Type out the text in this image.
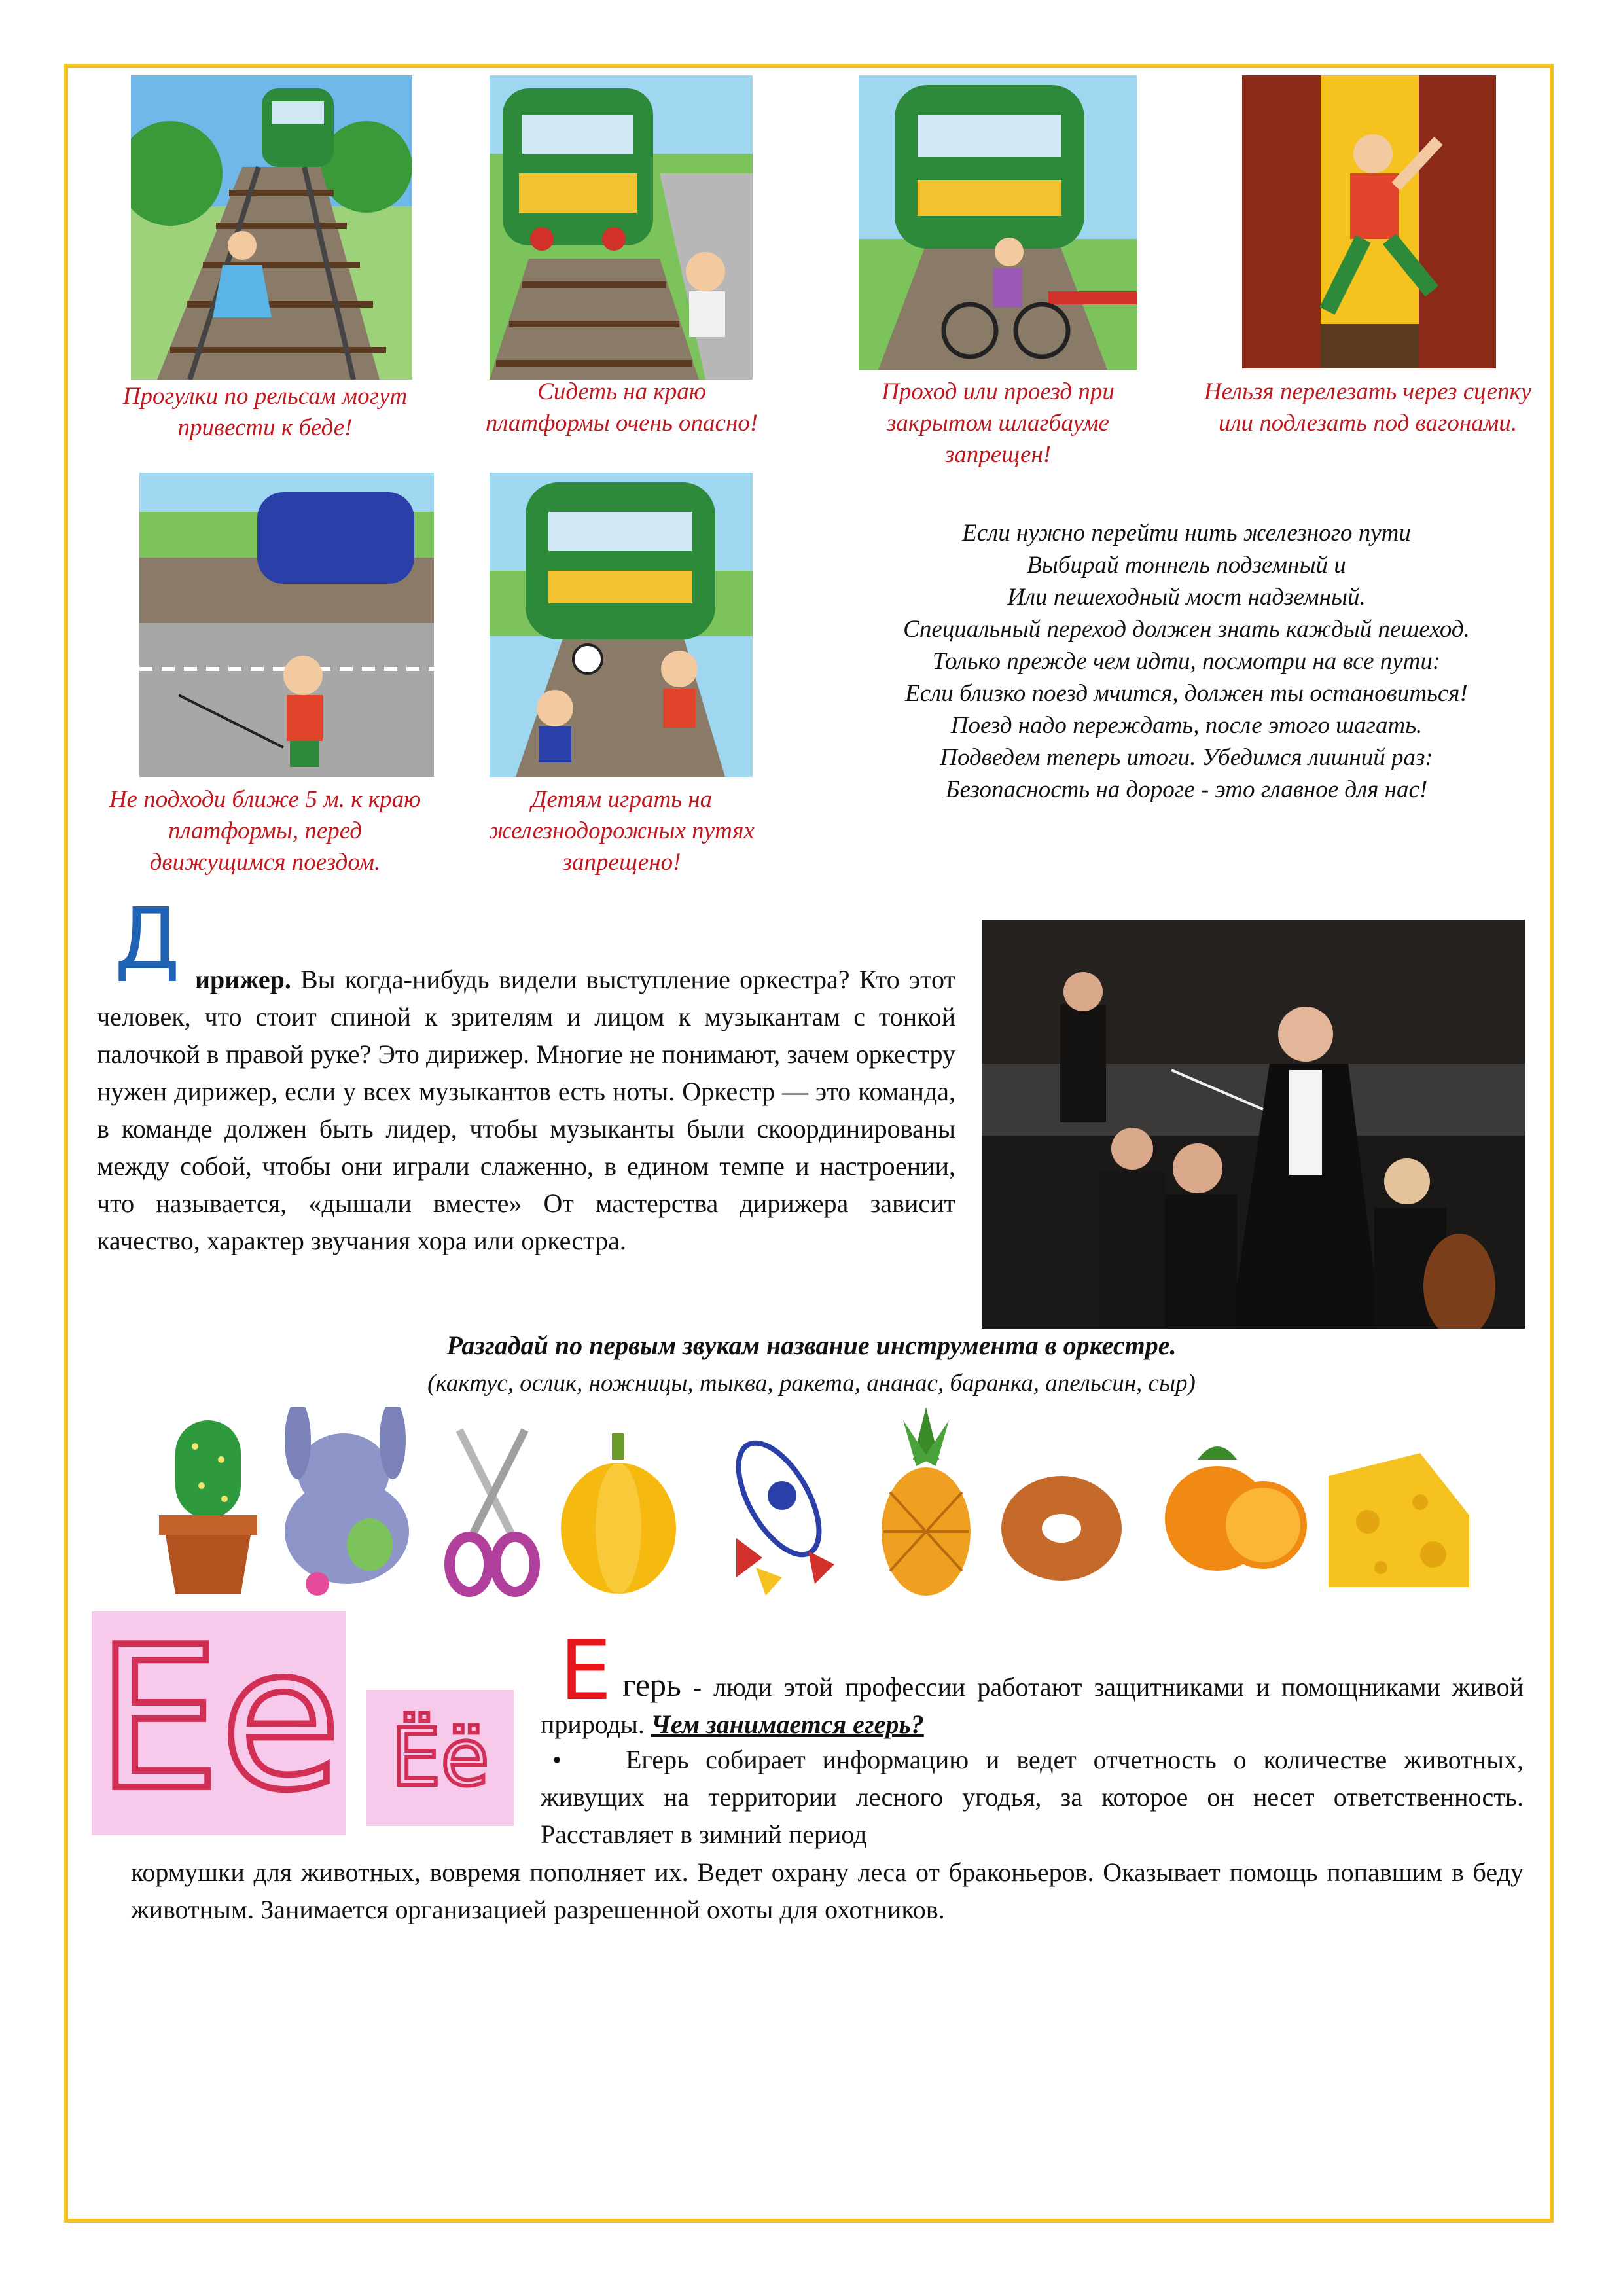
Прогулки по рельсам могут привести к беде!
Сидеть на краю платформы очень опасно!
Проход или проезд при закрытом шлагбауме запрещен!
Нельзя перелезать через сцепку или подлезать под вагонами.
Не подходи ближе 5 м. к краю платформы, перед движущимся поездом.
Детям играть на железнодорожных путях запрещено!
Если нужно перейти нить железного пути
Выбирай тоннель подземный и
Или пешеходный мост надземный.
Специальный переход должен знать каждый пешеход.
Только прежде чем идти, посмотри на все пути:
Если близко поезд мчится, должен ты остановиться!
Поезд надо переждать, после этого шагать.
Подведем теперь итоги. Убедимся лишний раз:
Безопасность на дороге - это главное для нас!
Д ирижер. Вы когда-нибудь видели выступление оркестра? Кто этот человек, что стоит спиной к зрителям и лицом к музыкантам с тонкой палочкой в правой руке? Это дирижер. Многие не понимают, зачем оркестру нужен дирижер, если у всех музыкантов есть ноты. Оркестр — это команда, в команде должен быть лидер, чтобы музыканты были скоординированы между собой, чтобы они играли слаженно, в едином темпе и настроении, что называется, «дышали вместе» От мастерства дирижера зависит качество, характер звучания хора или оркестра.
Разгадай по первым звукам название инструмента в оркестре.
(кактус, ослик, ножницы, тыква, ракета, ананас, баранка, апельсин, сыр)
Ее Ёё
Е герь - люди этой профессии работают защитниками и помощниками живой природы. Чем занимается егерь?
• Егерь собирает информацию и ведет отчетность о количестве животных, живущих на территории лесного угодья, за которое он несет ответственность. Расставляет в зимний период
кормушки для животных, вовремя пополняет их. Ведет охрану леса от браконьеров. Оказывает помощь попавшим в беду животным. Занимается организацией разрешенной охоты для охотников.
